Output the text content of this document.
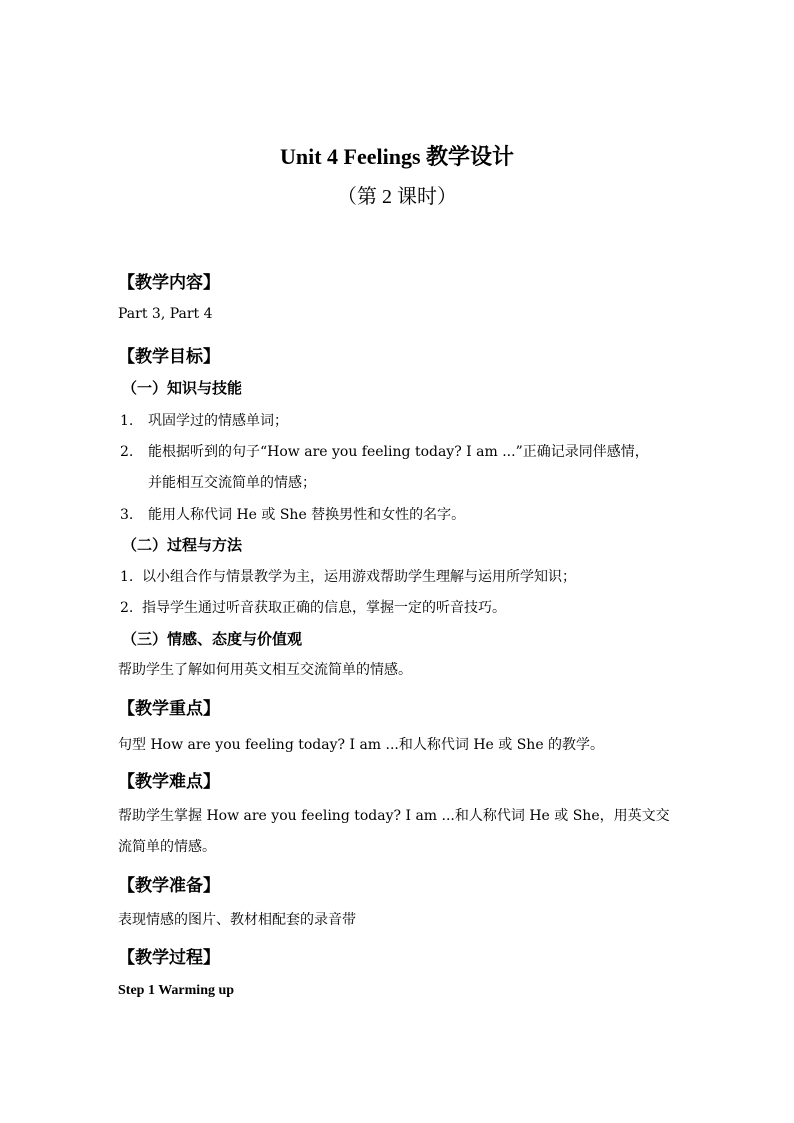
Unit 4 Feelings 教学设计
（第 2 课时）
【教学内容】
Part 3, Part 4
【教学目标】
（一）知识与技能
1. 巩固学过的情感单词；
2. 能根据听到的句子“How are you feeling today? I am ...”正确记录同伴感情，
并能相互交流简单的情感；
3. 能用人称代词 He 或 She 替换男性和女性的名字。
（二）过程与方法
1. 以小组合作与情景教学为主，运用游戏帮助学生理解与运用所学知识；
2. 指导学生通过听音获取正确的信息，掌握一定的听音技巧。
（三）情感、态度与价值观
帮助学生了解如何用英文相互交流简单的情感。
【教学重点】
句型 How are you feeling today? I am ...和人称代词 He 或 She 的教学。
【教学难点】
帮助学生掌握 How are you feeling today? I am ...和人称代词 He 或 She，用英文交
流简单的情感。
【教学准备】
表现情感的图片、教材相配套的录音带
【教学过程】
Step 1 Warming up
